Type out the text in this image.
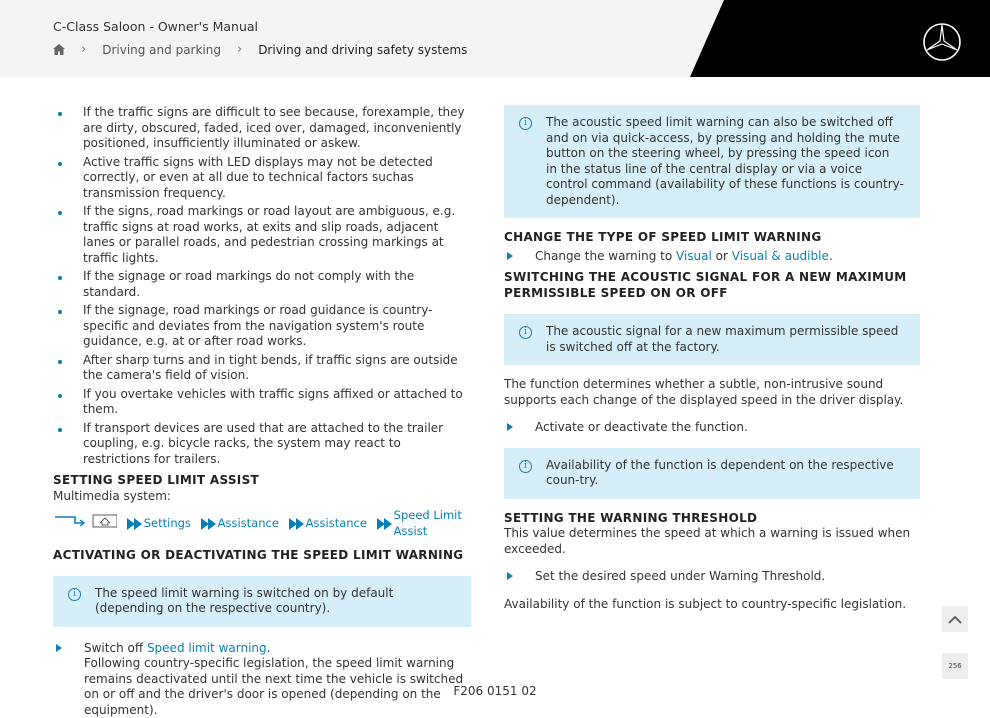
C-Class Saloon - Owner's Manual
› Driving and parking › Driving and driving safety systems
If the traffic signs are difficult to see because, forexample, they are dirty, obscured, faded, iced over, damaged, inconveniently positioned, insufficiently illuminated or askew.
Active traffic signs with LED displays may not be detected correctly, or even at all due to technical factors suchas transmission frequency.
If the signs, road markings or road layout are ambiguous, e.g. traffic signs at road works, at exits and slip roads, adjacent lanes or parallel roads, and pedestrian crossing markings at traffic lights.
If the signage or road markings do not comply with the standard.
If the signage, road markings or road guidance is country-specific and deviates from the navigation system's route guidance, e.g. at or after road works.
After sharp turns and in tight bends, if traffic signs are outside the camera's field of vision.
If you overtake vehicles with traffic signs affixed or attached to them.
If transport devices are used that are attached to the trailer coupling, e.g. bicycle racks, the system may react to restrictions for trailers.
SETTING SPEED LIMIT ASSIST
Multimedia system:
Settings Assistance Assistance
Speed Limit Assist
ACTIVATING OR DEACTIVATING THE SPEED LIMIT WARNING
i	The speed limit warning is switched on by default (depending on the respective country).
Switch off Speed limit warning.
Following country-specific legislation, the speed limit warning remains deactivated until the next time the vehicle is switched on or off and the driver's door is opened (depending on the equipment).
i	The acoustic speed limit warning can also be switched off and on via quick-access, by pressing and holding the mute button on the steering wheel, by pressing the speed icon in the status line of the central display or via a voice control command (availability of these functions is country-dependent).
CHANGE THE TYPE OF SPEED LIMIT WARNING
Change the warning to Visual or Visual & audible.
SWITCHING THE ACOUSTIC SIGNAL FOR A NEW MAXIMUM PERMISSIBLE SPEED ON OR OFF
i	The acoustic signal for a new maximum permissible speed is switched off at the factory.
The function determines whether a subtle, non-intrusive sound supports each change of the displayed speed in the driver display.
Activate or deactivate the function.
i	Availability of the function is dependent on the respective coun-try.
SETTING THE WARNING THRESHOLD
This value determines the speed at which a warning is issued when exceeded.
Set the desired speed under Warning Threshold.
Availability of the function is subject to country-specific legislation.
256
F206 0151 02
